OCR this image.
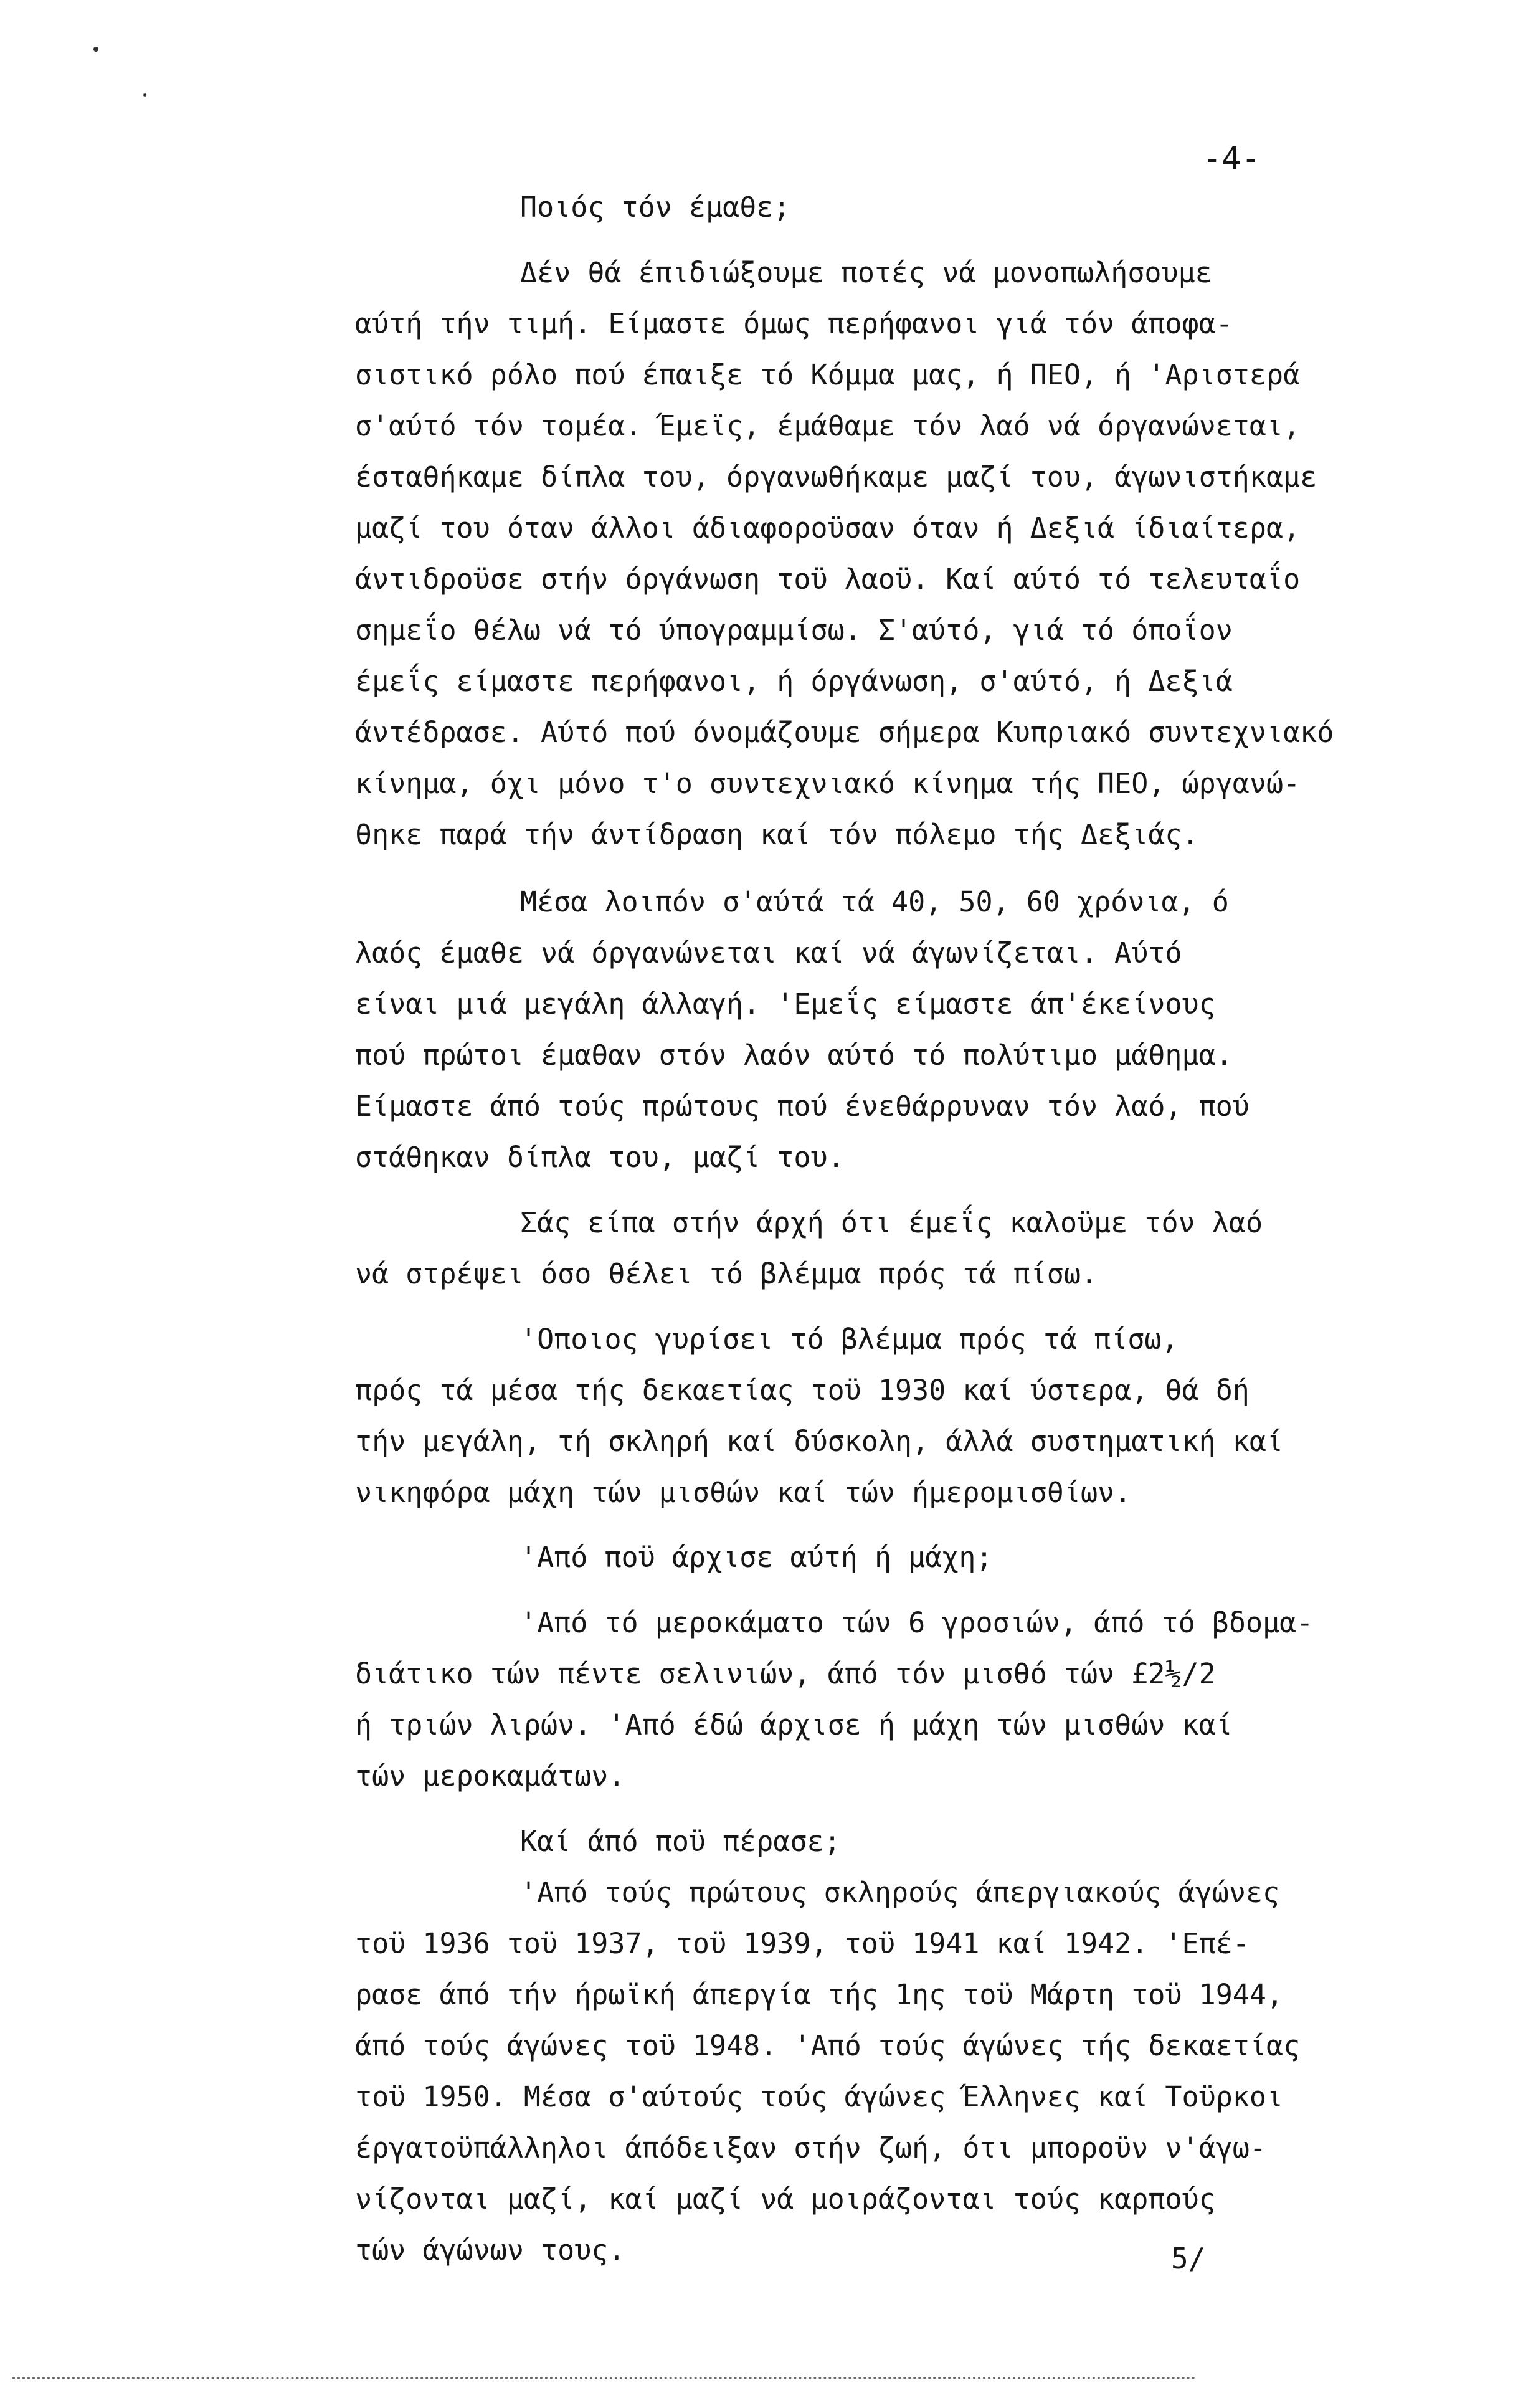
-4-
Ποιός τόν έμαθε;
Δέν θά έπιδιώξουμε ποτές νά μονοπωλήσουμε
αύτή τήν τιμή. Είμαστε όμως περήφανοι γιά τόν άποφα-
σιστικό ρόλο πού έπαιξε τό Κόμμα μας, ή ΠΕΟ, ή 'Αριστερά
σ'αύτό τόν τομέα. Έμεϊς, έμάθαμε τόν λαό νά όργανώνεται,
έσταθήκαμε δίπλα του, όργανωθήκαμε μαζί του, άγωνιστήκαμε
μαζί του όταν άλλοι άδιαφοροϋσαν όταν ή Δεξιά ίδιαίτερα,
άντιδροϋσε στήν όργάνωση τοϋ λαοϋ. Καί αύτό τό τελευταΐο
σημεΐο θέλω νά τό ύπογραμμίσω. Σ'αύτό, γιά τό όποΐον
έμεΐς είμαστε περήφανοι, ή όργάνωση, σ'αύτό, ή Δεξιά
άντέδρασε. Αύτό πού όνομάζουμε σήμερα Κυπριακό συντεχνιακό
κίνημα, όχι μόνο τ'ο συντεχνιακό κίνημα τής ΠΕΟ, ώργανώ-
θηκε παρά τήν άντίδραση καί τόν πόλεμο τής Δεξιάς.
Μέσα λοιπόν σ'αύτά τά 40, 50, 60 χρόνια, ό
λαός έμαθε νά όργανώνεται καί νά άγωνίζεται. Αύτό
είναι μιά μεγάλη άλλαγή. 'Εμεΐς είμαστε άπ'έκείνους
πού πρώτοι έμαθαν στόν λαόν αύτό τό πολύτιμο μάθημα.
Είμαστε άπό τούς πρώτους πού ένεθάρρυναν τόν λαό, πού
στάθηκαν δίπλα του, μαζί του.
Σάς είπα στήν άρχή ότι έμεΐς καλοϋμε τόν λαό
νά στρέψει όσο θέλει τό βλέμμα πρός τά πίσω.
'Οποιος γυρίσει τό βλέμμα πρός τά πίσω,
πρός τά μέσα τής δεκαετίας τοϋ 1930 καί ύστερα, θά δή
τήν μεγάλη, τή σκληρή καί δύσκολη, άλλά συστηματική καί
νικηφόρα μάχη τών μισθών καί τών ήμερομισθίων.
'Από ποϋ άρχισε αύτή ή μάχη;
'Από τό μεροκάματο τών 6 γροσιών, άπό τό βδομα-
διάτικο τών πέντε σελινιών, άπό τόν μισθό τών £2½/2
ή τριών λιρών. 'Από έδώ άρχισε ή μάχη τών μισθών καί
τών μεροκαμάτων.
Καί άπό ποϋ πέρασε;
'Από τούς πρώτους σκληρούς άπεργιακούς άγώνες
τοϋ 1936 τοϋ 1937, τοϋ 1939, τοϋ 1941 καί 1942. 'Επέ-
ρασε άπό τήν ήρωϊκή άπεργία τής 1ης τοϋ Μάρτη τοϋ 1944,
άπό τούς άγώνες τοϋ 1948. 'Από τούς άγώνες τής δεκαετίας
τοϋ 1950. Μέσα σ'αύτούς τούς άγώνες Έλληνες καί Τοϋρκοι
έργατοϋπάλληλοι άπόδειξαν στήν ζωή, ότι μποροϋν ν'άγω-
νίζονται μαζί, καί μαζί νά μοιράζονται τούς καρπούς
τών άγώνων τους.	5/
